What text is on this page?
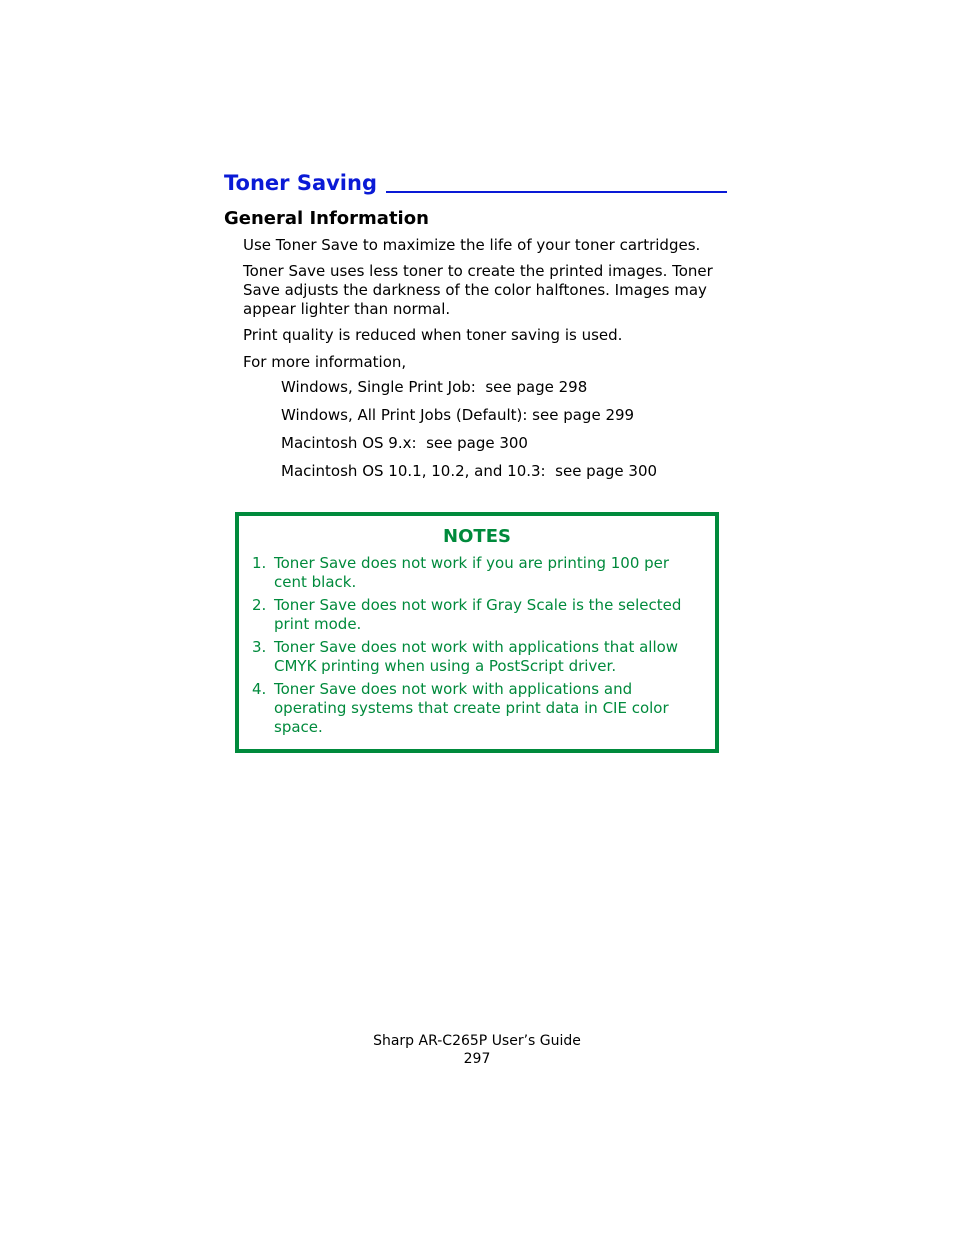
Toner Saving
General Information

Use Toner Save to maximize the life of your toner cartridges.

Toner Save uses less toner to create the printed images. Toner Save adjusts the darkness of the color halftones. Images may appear lighter than normal.

Print quality is reduced when toner saving is used.

For more information,

Windows, Single Print Job:  see page 298
Windows, All Print Jobs (Default): see page 299
Macintosh OS 9.x:  see page 300
Macintosh OS 10.1, 10.2, and 10.3:  see page 300
NOTES
1. Toner Save does not work if you are printing 100 per cent black.
2. Toner Save does not work if Gray Scale is the selected print mode.
3. Toner Save does not work with applications that allow CMYK printing when using a PostScript driver.
4. Toner Save does not work with applications and operating systems that create print data in CIE color space.
Sharp AR-C265P User’s Guide
297
